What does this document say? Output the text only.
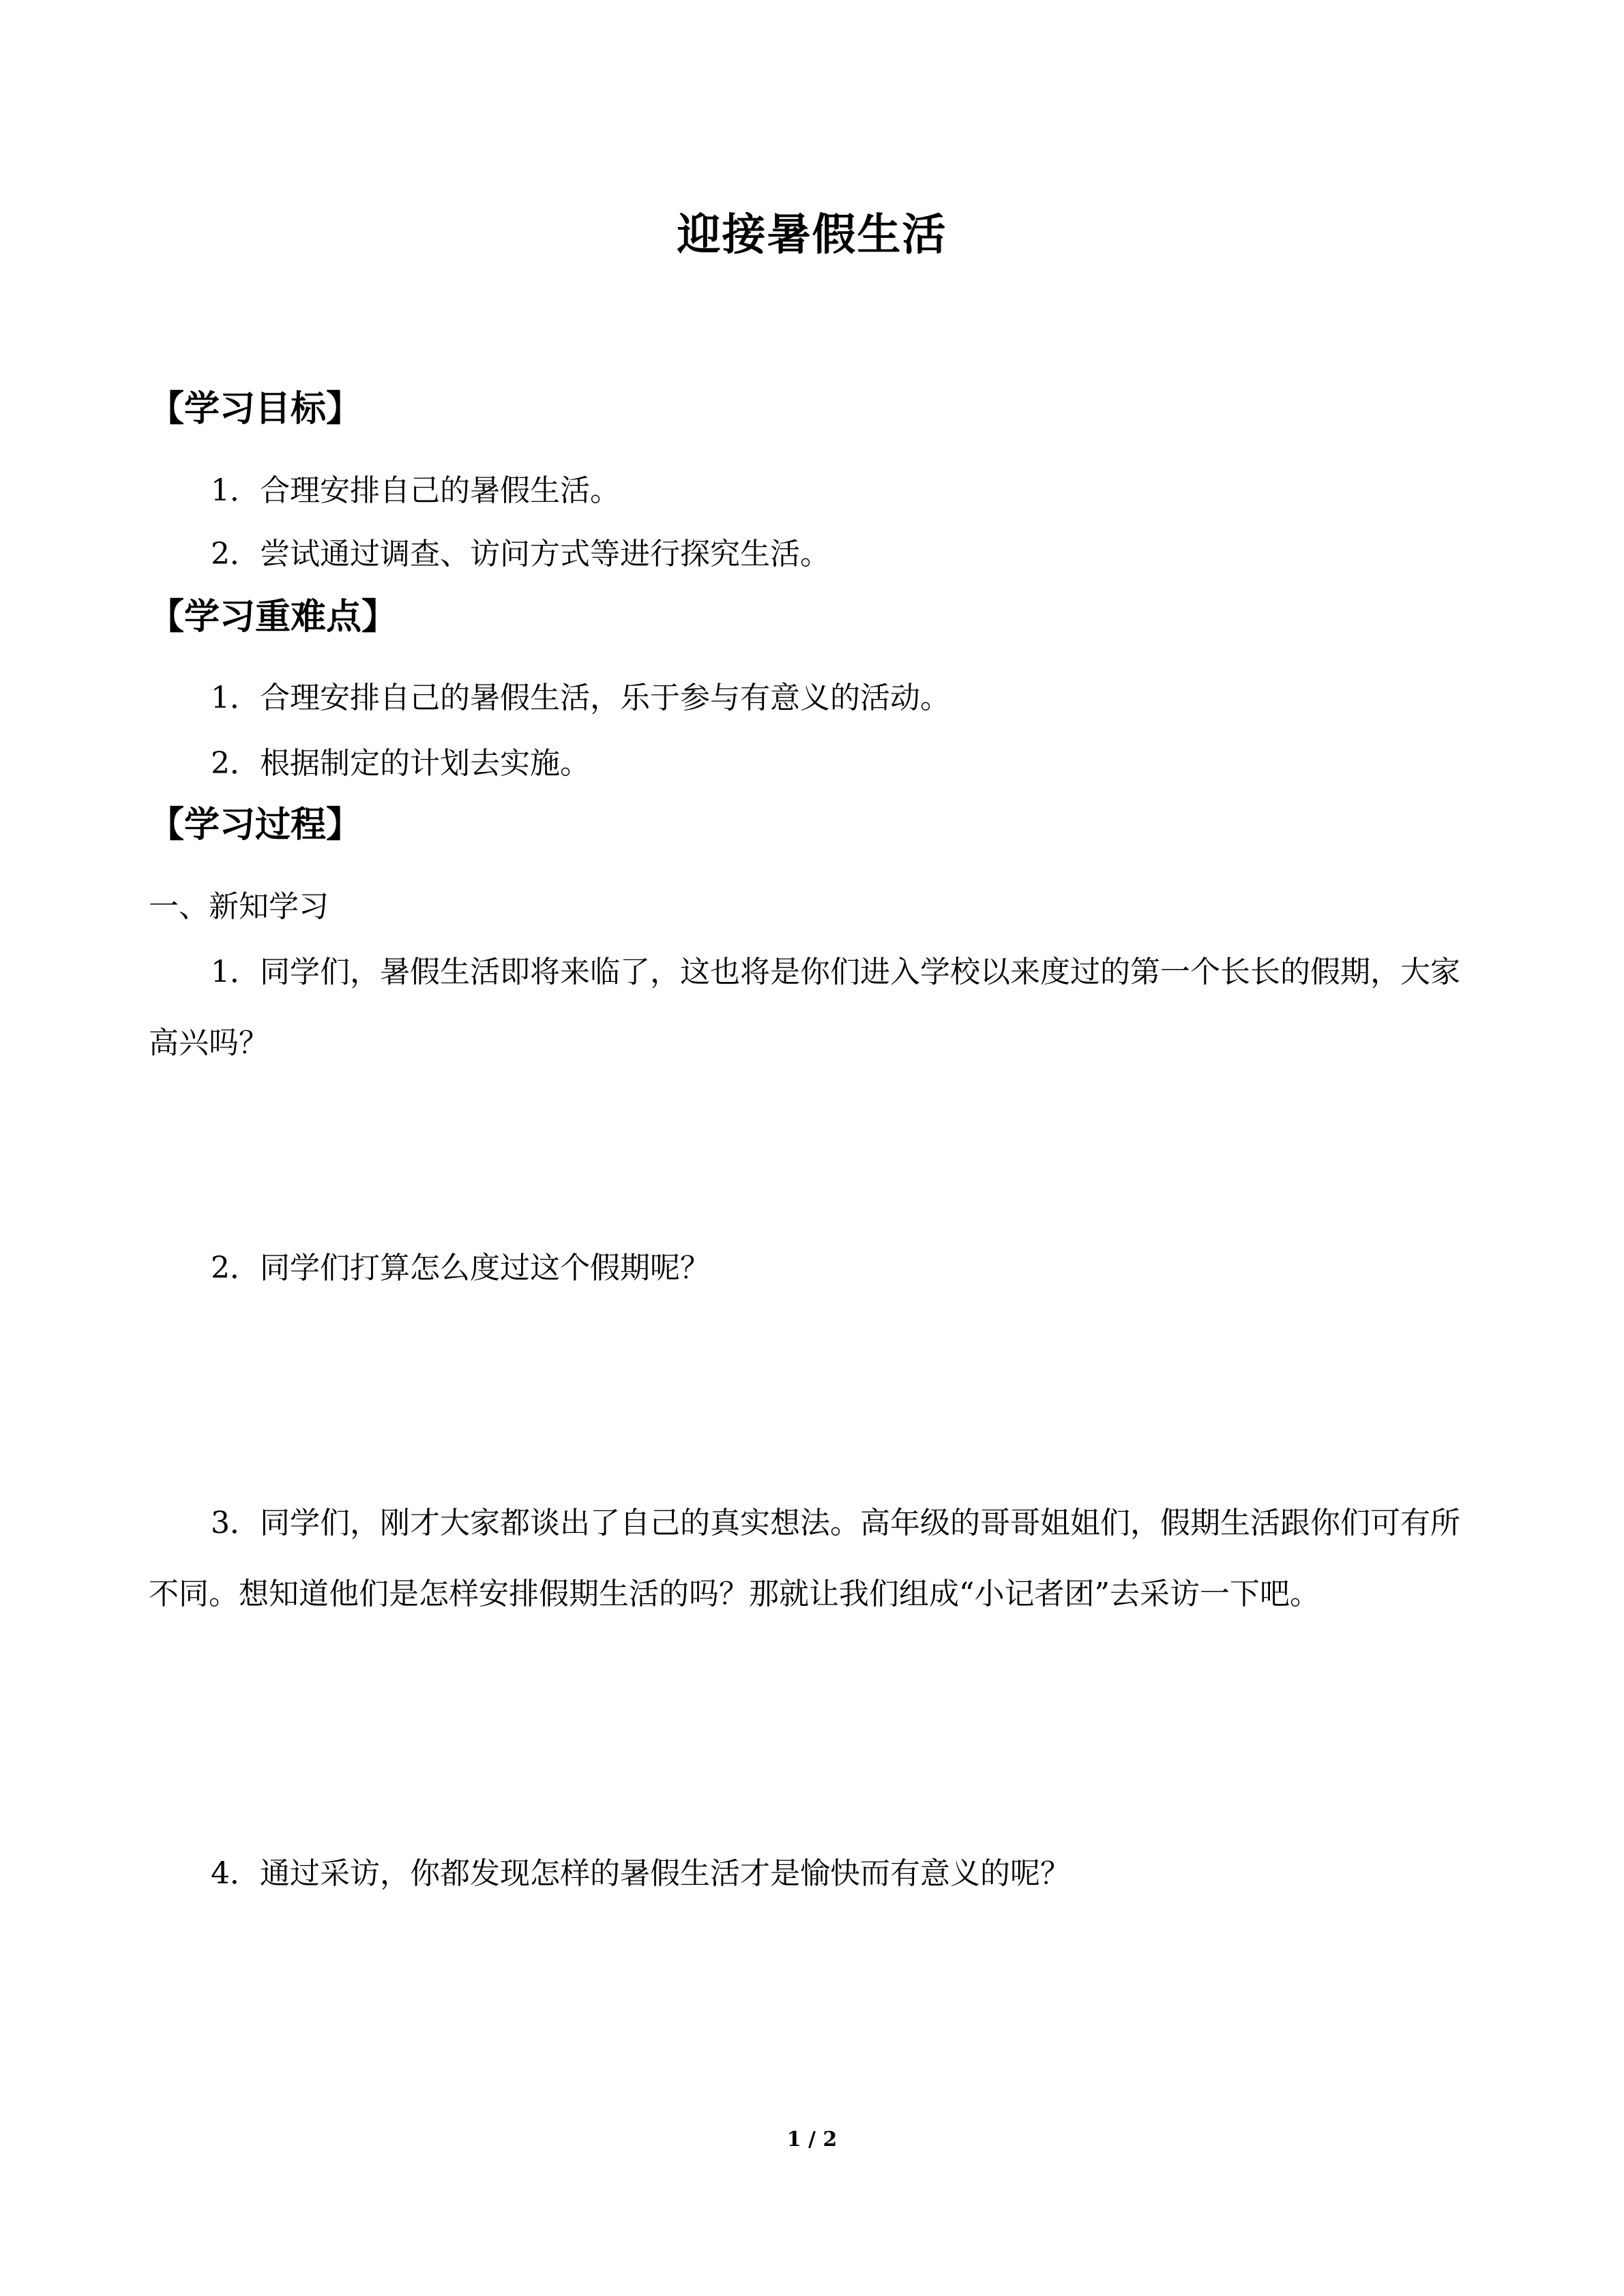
迎接暑假生活
【学习目标】
1．合理安排自己的暑假生活。
2．尝试通过调查、访问方式等进行探究生活。
【学习重难点】
1．合理安排自己的暑假生活，乐于参与有意义的活动。
2．根据制定的计划去实施。
【学习过程】
一、新知学习
1．同学们，暑假生活即将来临了，这也将是你们进入学校以来度过的第一个长长的假期，大家高兴吗？
2．同学们打算怎么度过这个假期呢？
3．同学们，刚才大家都谈出了自己的真实想法。高年级的哥哥姐姐们，假期生活跟你们可有所不同。想知道他们是怎样安排假期生活的吗？那就让我们组成“小记者团”去采访一下吧。
4．通过采访，你都发现怎样的暑假生活才是愉快而有意义的呢？
1 / 2
